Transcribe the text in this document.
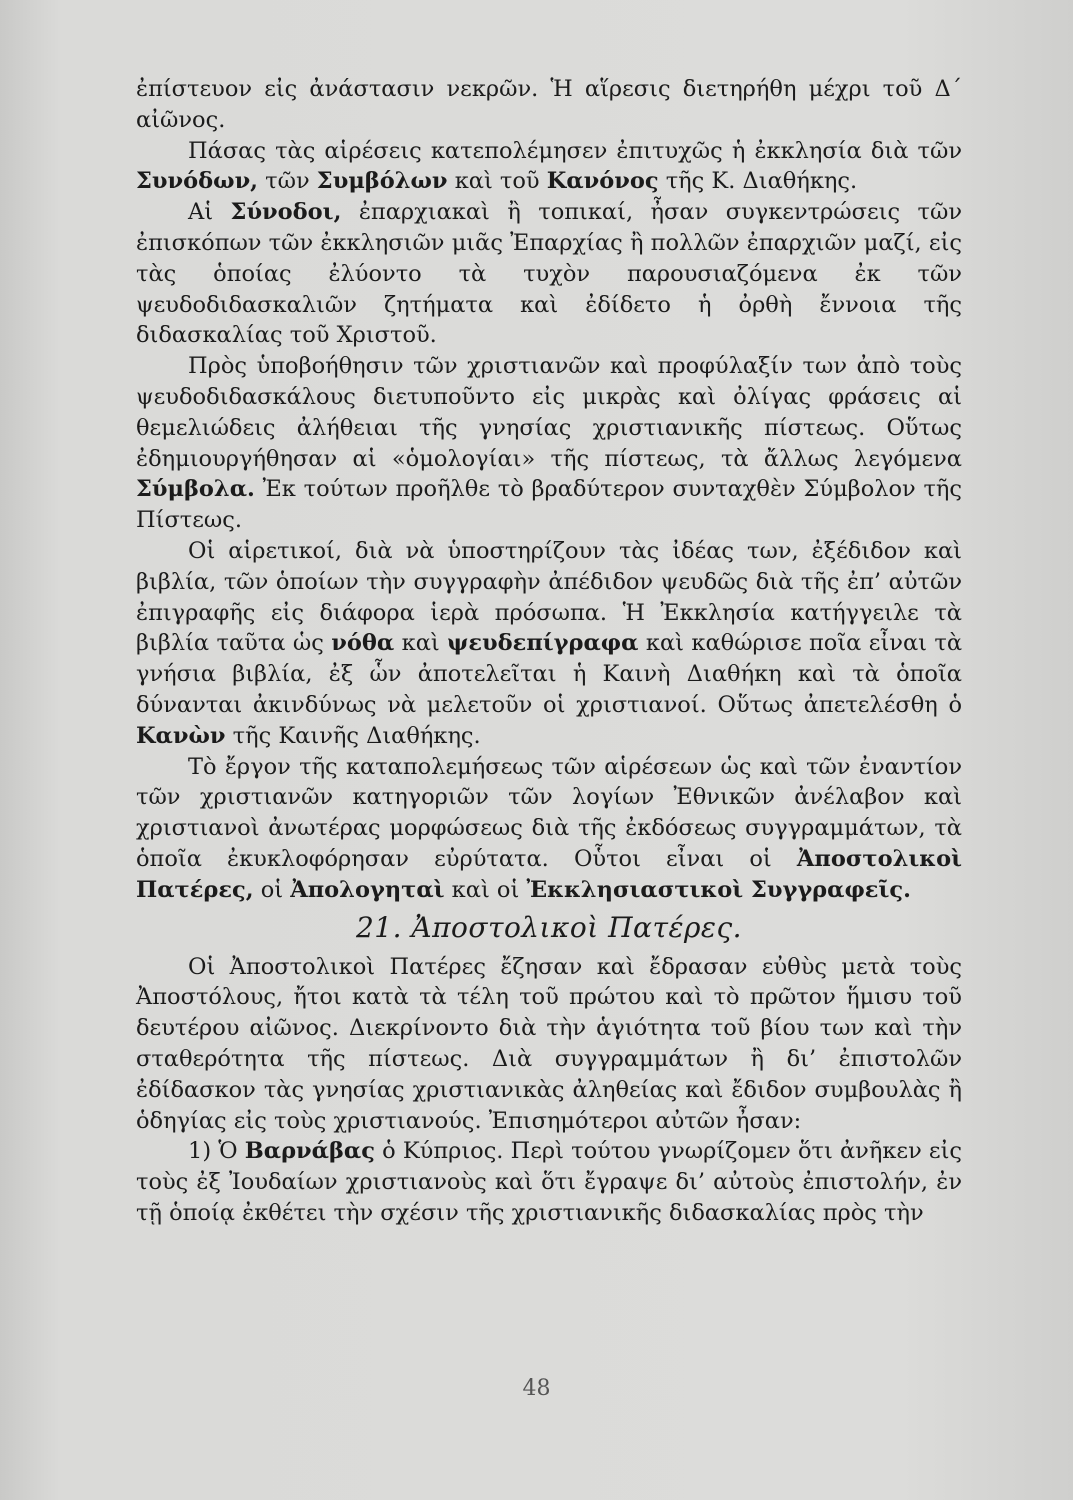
ἐπίστευον εἰς ἀνάστασιν νεκρῶν. Ἡ αἵρεσις διετηρήθη μέχρι τοῦ Δ΄ αἰῶνος.

Πάσας τὰς αἱρέσεις κατεπολέμησεν ἐπιτυχῶς ἡ ἐκκλησία διὰ τῶν Συνόδων, τῶν Συμβόλων καὶ τοῦ Κανόνος τῆς Κ. Διαθήκης.

Αἱ Σύνοδοι, ἐπαρχιακαὶ ἢ τοπικαί, ἦσαν συγκεντρώσεις τῶν ἐπισκόπων τῶν ἐκκλησιῶν μιᾶς Ἐπαρχίας ἢ πολλῶν ἐπαρχιῶν μαζί, εἰς τὰς ὁποίας ἐλύοντο τὰ τυχὸν παρουσιαζόμενα ἐκ τῶν ψευδοδιδασκαλιῶν ζητήματα καὶ ἐδίδετο ἡ ὀρθὴ ἔννοια τῆς διδασκαλίας τοῦ Χριστοῦ.

Πρὸς ὑποβοήθησιν τῶν χριστιανῶν καὶ προφύλαξίν των ἀπὸ τοὺς ψευδοδιδασκάλους διετυποῦντο εἰς μικρὰς καὶ ὀλίγας φράσεις αἱ θεμελιώδεις ἀλήθειαι τῆς γνησίας χριστιανικῆς πίστεως. Οὕτως ἐδημιουργήθησαν αἱ «ὁμολογίαι» τῆς πίστεως, τὰ ἄλλως λεγόμενα Σύμβολα. Ἐκ τούτων προῆλθε τὸ βραδύτερον συνταχθὲν Σύμβολον τῆς Πίστεως.

Οἱ αἱρετικοί, διὰ νὰ ὑποστηρίζουν τὰς ἰδέας των, ἐξέδιδον καὶ βιβλία, τῶν ὁποίων τὴν συγγραφὴν ἀπέδιδον ψευδῶς διὰ τῆς ἐπ’ αὐτῶν ἐπιγραφῆς εἰς διάφορα ἱερὰ πρόσωπα. Ἡ Ἐκκλησία κατήγγειλε τὰ βιβλία ταῦτα ὡς νόθα καὶ ψευδεπίγραφα καὶ καθώρισε ποῖα εἶναι τὰ γνήσια βιβλία, ἐξ ὧν ἀποτελεῖται ἡ Καινὴ Διαθήκη καὶ τὰ ὁποῖα δύνανται ἀκινδύνως νὰ μελετοῦν οἱ χριστιανοί. Οὕτως ἀπετελέσθη ὁ Κανὼν τῆς Καινῆς Διαθήκης.

Τὸ ἔργον τῆς καταπολεμήσεως τῶν αἱρέσεων ὡς καὶ τῶν ἐναντίον τῶν χριστιανῶν κατηγοριῶν τῶν λογίων Ἐθνικῶν ἀνέλαβον καὶ χριστιανοὶ ἀνωτέρας μορφώσεως διὰ τῆς ἐκδόσεως συγγραμμάτων, τὰ ὁποῖα ἐκυκλοφόρησαν εὐρύτατα. Οὗτοι εἶναι οἱ Ἀποστολικοὶ Πατέρες, οἱ Ἀπολογηταὶ καὶ οἱ Ἐκκλησιαστικοὶ Συγγραφεῖς.

21. Ἀποστολικοὶ Πατέρες.

Οἱ Ἀποστολικοὶ Πατέρες ἔζησαν καὶ ἔδρασαν εὐθὺς μετὰ τοὺς Ἀποστόλους, ἤτοι κατὰ τὰ τέλη τοῦ πρώτου καὶ τὸ πρῶτον ἥμισυ τοῦ δευτέρου αἰῶνος. Διεκρίνοντο διὰ τὴν ἁγιότητα τοῦ βίου των καὶ τὴν σταθερότητα τῆς πίστεως. Διὰ συγγραμμάτων ἢ δι’ ἐπιστολῶν ἐδίδασκον τὰς γνησίας χριστιανικὰς ἀληθείας καὶ ἔδιδον συμβουλὰς ἢ ὁδηγίας εἰς τοὺς χριστιανούς. Ἐπισημότεροι αὐτῶν ἦσαν:

1) Ὁ Βαρνάβας ὁ Κύπριος. Περὶ τούτου γνωρίζομεν ὅτι ἀνῆκεν εἰς τοὺς ἐξ Ἰουδαίων χριστιανοὺς καὶ ὅτι ἔγραψε δι’ αὐτοὺς ἐπιστολήν, ἐν τῇ ὁποίᾳ ἐκθέτει τὴν σχέσιν τῆς χριστιανικῆς διδασκαλίας πρὸς τὴν

48
